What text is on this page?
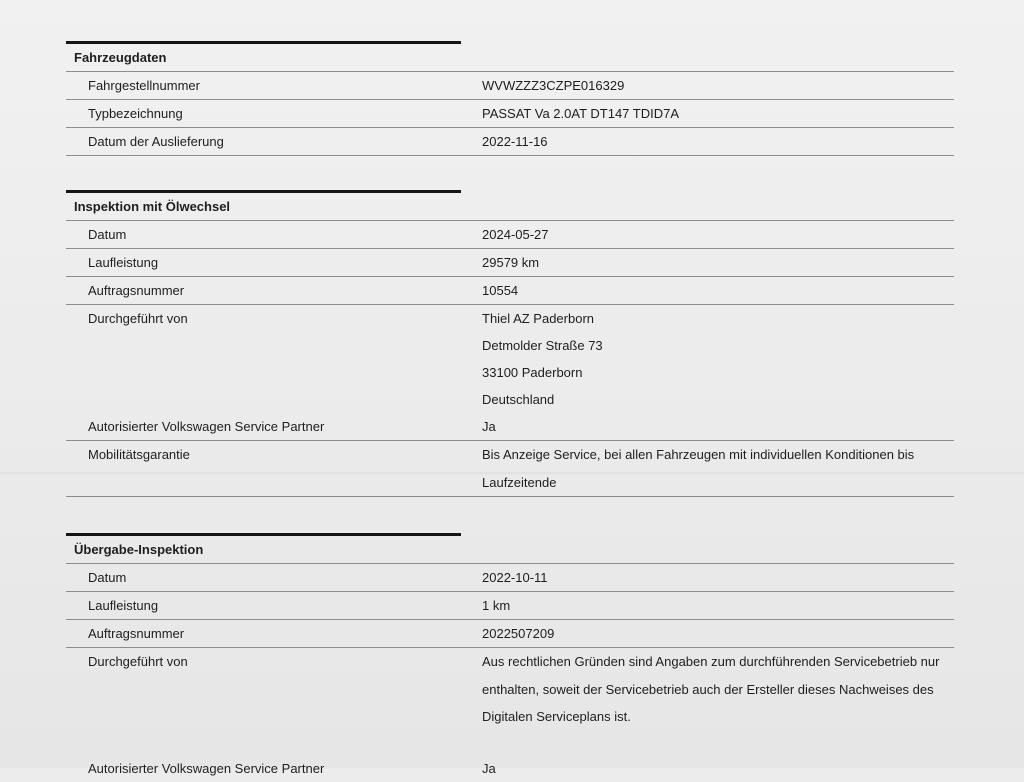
Fahrzeugdaten
Fahrgestellnummer	WVWZZZ3CZPE016329
Typbezeichnung	PASSAT Va 2.0AT DT147 TDID7A
Datum der Auslieferung	2022-11-16
Inspektion mit Ölwechsel
Datum	2024-05-27
Laufleistung	29579 km
Auftragsnummer	10554
Durchgeführt von	Thiel AZ Paderborn
Detmolder Straße 73
33100 Paderborn
Deutschland
Autorisierter Volkswagen Service Partner	Ja
Mobilitätsgarantie	Bis Anzeige Service, bei allen Fahrzeugen mit individuellen Konditionen bis Laufzeitende
Übergabe-Inspektion
Datum	2022-10-11
Laufleistung	1 km
Auftragsnummer	2022507209
Durchgeführt von	Aus rechtlichen Gründen sind Angaben zum durchführenden Servicebetrieb nur enthalten, soweit der Servicebetrieb auch der Ersteller dieses Nachweises des Digitalen Serviceplans ist.
Autorisierter Volkswagen Service Partner	Ja
